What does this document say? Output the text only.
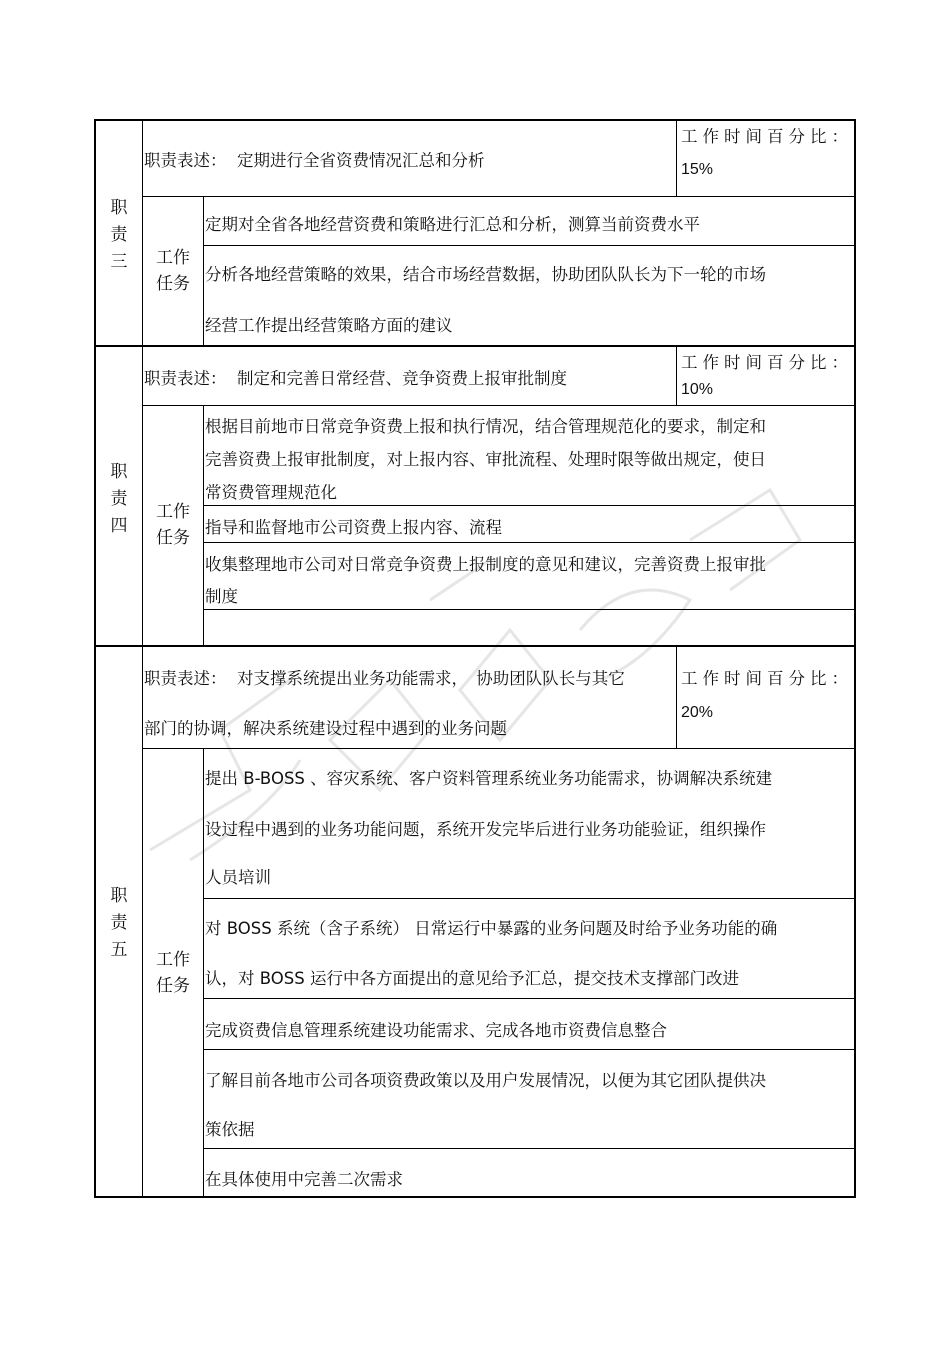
职
责
三
职责表述： 定期进行全省资费情况汇总和分析
工作时间百分比：
15%
工作
任务
定期对全省各地经营资费和策略进行汇总和分析，测算当前资费水平
分析各地经营策略的效果，结合市场经营数据，协助团队队长为下一轮的市场
经营工作提出经营策略方面的建议
职
责
四
职责表述： 制定和完善日常经营、竞争资费上报审批制度
工作时间百分比：
10%
工作
任务
根据目前地市日常竞争资费上报和执行情况，结合管理规范化的要求，制定和
完善资费上报审批制度，对上报内容、审批流程、处理时限等做出规定，使日
常资费管理规范化
指导和监督地市公司资费上报内容、流程
收集整理地市公司对日常竞争资费上报制度的意见和建议，完善资费上报审批
制度
职
责
五
职责表述： 对支撑系统提出业务功能需求，　协助团队队长与其它
部门的协调，解决系统建设过程中遇到的业务问题
工作时间百分比：
20%
工作
任务
提出 B-BOSS 、容灾系统、客户资料管理系统业务功能需求，协调解决系统建
设过程中遇到的业务功能问题，系统开发完毕后进行业务功能验证，组织操作
人员培训
对 BOSS 系统（含子系统） 日常运行中暴露的业务问题及时给予业务功能的确
认，对 BOSS 运行中各方面提出的意见给予汇总，提交技术支撑部门改进
完成资费信息管理系统建设功能需求、完成各地市资费信息整合
了解目前各地市公司各项资费政策以及用户发展情况，以便为其它团队提供决
策依据
在具体使用中完善二次需求
